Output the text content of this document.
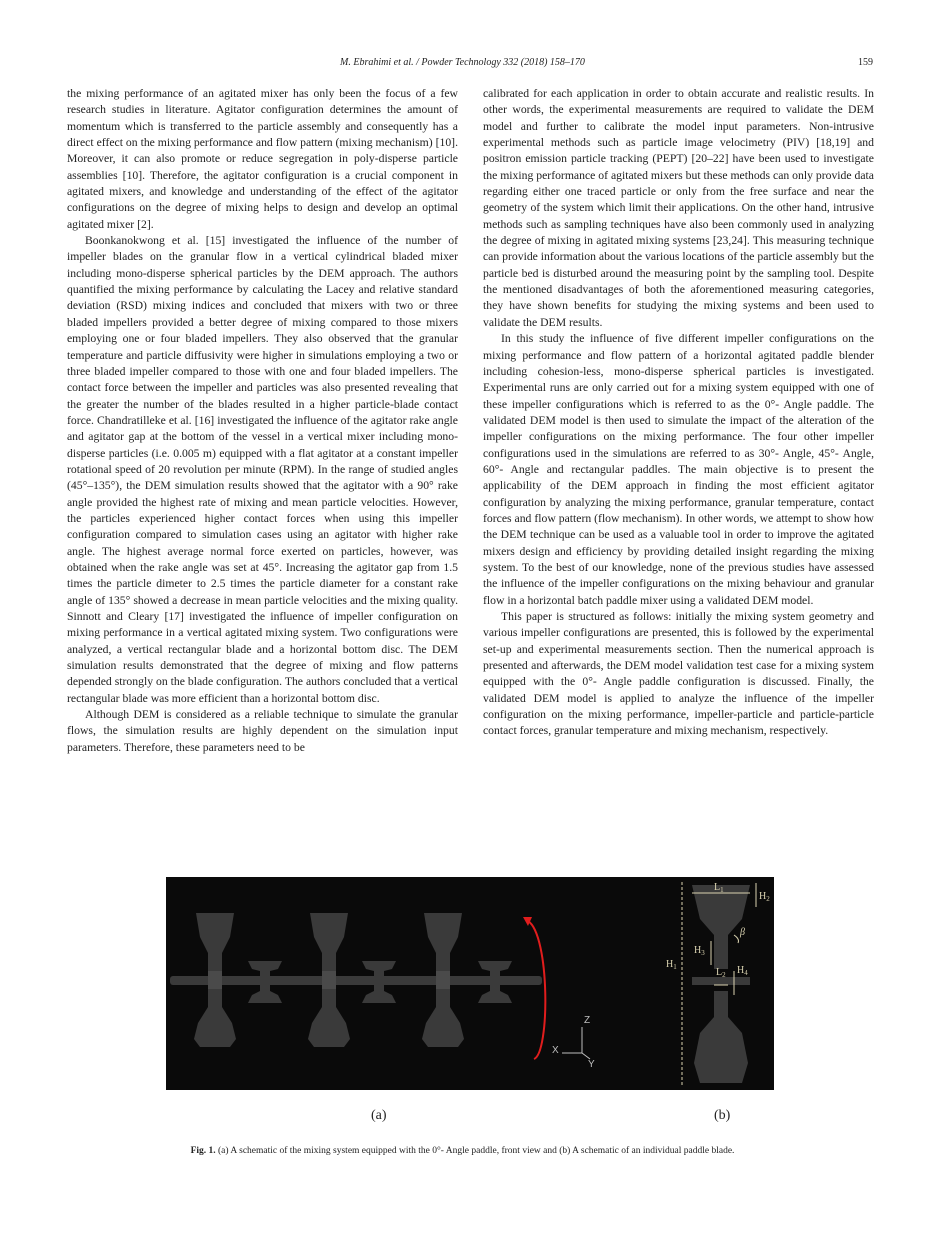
M. Ebrahimi et al. / Powder Technology 332 (2018) 158–170	159

the mixing performance of an agitated mixer has only been the focus of a few research studies in literature. Agitator configuration determines the amount of momentum which is transferred to the particle assembly and consequently has a direct effect on the mixing performance and flow pattern (mixing mechanism) [10]. Moreover, it can also promote or reduce segregation in poly-disperse particle assemblies [10]. Therefore, the agitator configuration is a crucial component in agitated mixers, and knowledge and understanding of the effect of the agitator configurations on the degree of mixing helps to design and develop an optimal agitated mixer [2].

Boonkanokwong et al. [15] investigated the influence of the number of impeller blades on the granular flow in a vertical cylindrical bladed mixer including mono-disperse spherical particles by the DEM approach. The authors quantified the mixing performance by calculating the Lacey and relative standard deviation (RSD) mixing indices and concluded that mixers with two or three bladed impellers provided a better degree of mixing compared to those mixers employing one or four bladed impellers. They also observed that the granular temperature and particle diffusivity were higher in simulations employing a two or three bladed impeller compared to those with one and four bladed impellers. The contact force between the impeller and particles was also presented revealing that the greater the number of the blades resulted in a higher particle-blade contact force. Chandratilleke et al. [16] investigated the influence of the agitator rake angle and agitator gap at the bottom of the vessel in a vertical mixer including mono-disperse particles (i.e. 0.005 m) equipped with a flat agitator at a constant impeller rotational speed of 20 revolution per minute (RPM). In the range of studied angles (45°–135°), the DEM simulation results showed that the agitator with a 90° rake angle provided the highest rate of mixing and mean particle velocities. However, the particles experienced higher contact forces when using this impeller configuration compared to simulation cases using an agitator with higher rake angle. The highest average normal force exerted on particles, however, was obtained when the rake angle was set at 45°. Increasing the agitator gap from 1.5 times the particle dimeter to 2.5 times the particle diameter for a constant rake angle of 135° showed a decrease in mean particle velocities and the mixing quality. Sinnott and Cleary [17] investigated the influence of impeller configuration on mixing performance in a vertical agitated mixing system. Two configurations were analyzed, a vertical rectangular blade and a horizontal bottom disc. The DEM simulation results demonstrated that the degree of mixing and flow patterns depended strongly on the blade configuration. The authors concluded that a vertical rectangular blade was more efficient than a horizontal bottom disc.

Although DEM is considered as a reliable technique to simulate the granular flows, the simulation results are highly dependent on the simulation input parameters. Therefore, these parameters need to be

calibrated for each application in order to obtain accurate and realistic results. In other words, the experimental measurements are required to validate the DEM model and further to calibrate the model input parameters. Non-intrusive experimental methods such as particle image velocimetry (PIV) [18,19] and positron emission particle tracking (PEPT) [20–22] have been used to investigate the mixing performance of agitated mixers but these methods can only provide data regarding either one traced particle or only from the free surface and near the geometry of the system which limit their applications. On the other hand, intrusive methods such as sampling techniques have also been commonly used in analyzing the degree of mixing in agitated mixing systems [23,24]. This measuring technique can provide information about the various locations of the particle assembly but the particle bed is disturbed around the measuring point by the sampling tool. Despite the mentioned disadvantages of both the aforementioned measuring categories, they have shown benefits for studying the mixing systems and been used to validate the DEM results.

In this study the influence of five different impeller configurations on the mixing performance and flow pattern of a horizontal agitated paddle blender including cohesion-less, mono-disperse spherical particles is investigated. Experimental runs are only carried out for a mixing system equipped with one of these impeller configurations which is referred to as the 0°- Angle paddle. The validated DEM model is then used to simulate the impact of the alteration of the impeller configurations on the mixing performance. The four other impeller configurations used in the simulations are referred to as 30°- Angle, 45°- Angle, 60°- Angle and rectangular paddles. The main objective is to present the applicability of the DEM approach in finding the most efficient agitator configuration by analyzing the mixing performance, granular temperature, contact forces and flow pattern (flow mechanism). In other words, we attempt to show how the DEM technique can be used as a valuable tool in order to improve the agitated mixers design and efficiency by providing detailed insight regarding the mixing system. To the best of our knowledge, none of the previous studies have assessed the influence of the impeller configurations on the mixing behaviour and granular flow in a horizontal batch paddle mixer using a validated DEM model.

This paper is structured as follows: initially the mixing system geometry and various impeller configurations are presented, this is followed by the experimental set-up and experimental measurements section. Then the numerical approach is presented and afterwards, the DEM model validation test case for a mixing system equipped with the 0°- Angle paddle configuration is discussed. Finally, the validated DEM model is applied to analyze the influence of the impeller configuration on the mixing performance, impeller-particle and particle-particle contact forces, granular temperature and mixing mechanism, respectively.

Z
X
Y
$L_1$
$H_2$
β
$H_3$
$L_2$ $H_4$
$H_1$
(a)	(b)
Fig. 1. (a) A schematic of the mixing system equipped with the 0°- Angle paddle, front view and (b) A schematic of an individual paddle blade.
